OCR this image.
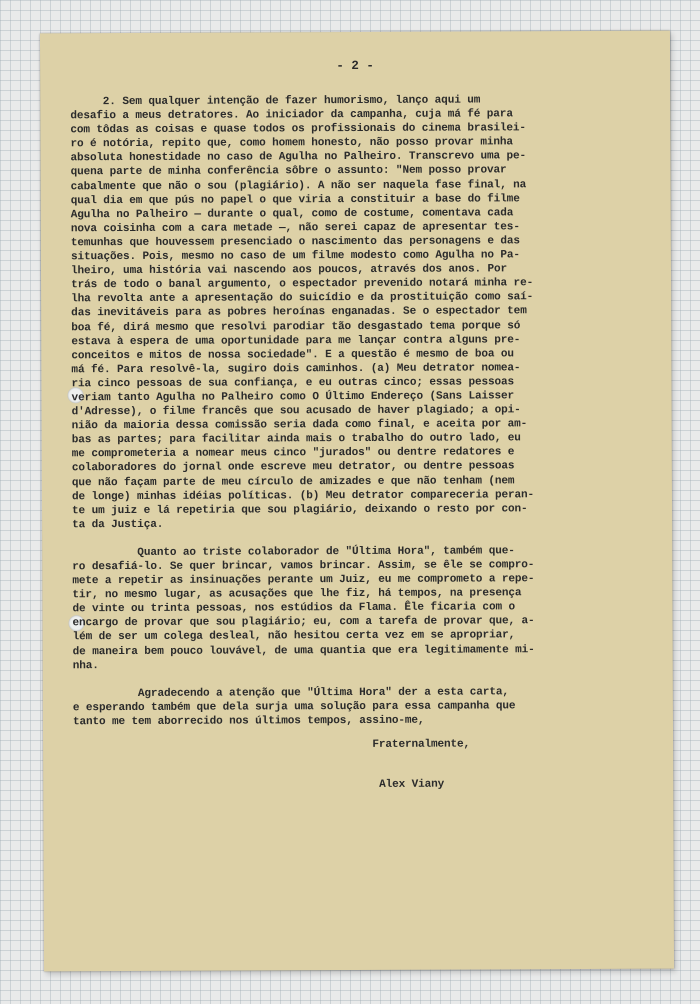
- 2 -
2. Sem qualquer intenção de fazer humorismo, lanço aqui um
desafio a meus detratores. Ao iniciador da campanha, cuja má fé para
com tôdas as coisas e quase todos os profissionais do cinema brasilei-
ro é notória, repito que, como homem honesto, não posso provar minha
absoluta honestidade no caso de Agulha no Palheiro. Transcrevo uma pe-
quena parte de minha conferência sôbre o assunto: "Nem posso provar
cabalmente que não o sou (plagiário). A não ser naquela fase final, na
qual dia em que pús no papel o que viria a constituir a base do filme
Agulha no Palheiro — durante o qual, como de costume, comentava cada
nova coisinha com a cara metade —, não serei capaz de apresentar tes-
temunhas que houvessem presenciado o nascimento das personagens e das
situações. Pois, mesmo no caso de um filme modesto como Agulha no Pa-
lheiro, uma história vai nascendo aos poucos, através dos anos. Por
trás de todo o banal argumento, o espectador prevenido notará minha re-
lha revolta ante a apresentação do suicídio e da prostituição como saí-
das inevitáveis para as pobres heroínas enganadas. Se o espectador tem
boa fé, dirá mesmo que resolvi parodiar tão desgastado tema porque só
estava à espera de uma oportunidade para me lançar contra alguns pre-
conceitos e mitos de nossa sociedade". E a questão é mesmo de boa ou
má fé. Para resolvê-la, sugiro dois caminhos. (a) Meu detrator nomea-
ria cinco pessoas de sua confiança, e eu outras cinco; essas pessoas
veriam tanto Agulha no Palheiro como O Último Endereço (Sans Laisser
d'Adresse), o filme francês que sou acusado de haver plagiado; a opi-
nião da maioria dessa comissão seria dada como final, e aceita por am-
bas as partes; para facilitar ainda mais o trabalho do outro lado, eu
me comprometeria a nomear meus cinco "jurados" ou dentre redatores e
colaboradores do jornal onde escreve meu detrator, ou dentre pessoas
que não façam parte de meu círculo de amizades e que não tenham (nem
de longe) minhas idéias políticas. (b) Meu detrator compareceria peran-
te um juiz e lá repetiria que sou plagiário, deixando o resto por con-
ta da Justiça.
Quanto ao triste colaborador de "Última Hora", também que-
ro desafiá-lo. Se quer brincar, vamos brincar. Assim, se êle se compro-
mete a repetir as insinuações perante um Juiz, eu me comprometo a repe-
tir, no mesmo lugar, as acusações que lhe fiz, há tempos, na presença
de vinte ou trinta pessoas, nos estúdios da Flama. Êle ficaria com o
encargo de provar que sou plagiário; eu, com a tarefa de provar que, a-
lém de ser um colega desleal, não hesitou certa vez em se apropriar,
de maneira bem pouco louvável, de uma quantia que era legitimamente mi-
nha.
Agradecendo a atenção que "Última Hora" der a esta carta,
e esperando também que dela surja uma solução para essa campanha que
tanto me tem aborrecido nos últimos tempos, assino-me,
Fraternalmente,
Alex Viany
